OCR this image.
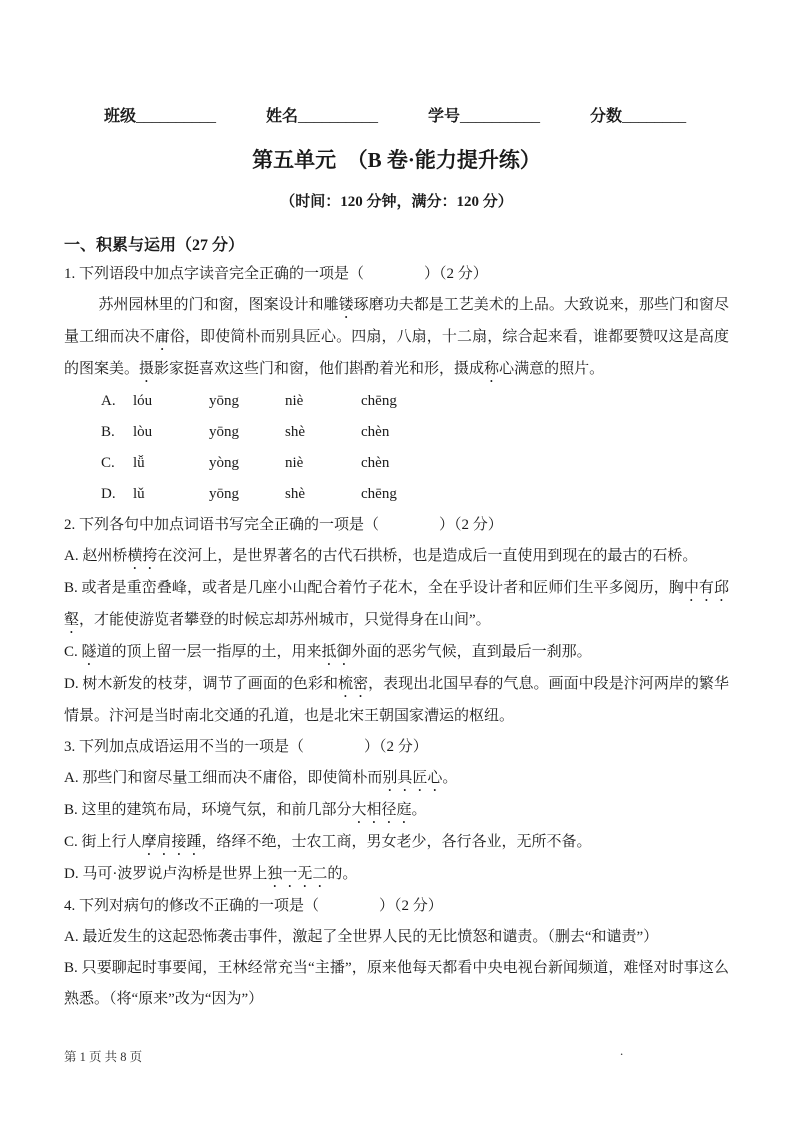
班级__________	姓名__________	学号__________	分数________
第五单元　（B 卷·能力提升练）
（时间：120 分钟，满分：120 分）
一、积累与运用（27 分）
1. 下列语段中加点字读音完全正确的一项是（　　　　）（2 分）

苏州园林里的门和窗，图案设计和雕镂琢磨功夫都是工艺美术的上品。大致说来，那些门和窗尽量工细而决不庸俗，即使简朴而别具匠心。四扇，八扇，十二扇，综合起来看，谁都要赞叹这是高度的图案美。摄影家挺喜欢这些门和窗，他们斟酌着光和形，摄成称心满意的照片。

A. lóu	yōng	niè	chēng
B. lòu	yōng	shè	chèn
C. lǚ	yòng	niè	chèn
D. lǔ	yōng	shè	chēng
2. 下列各句中加点词语书写完全正确的一项是（　　　　）（2 分）
A. 赵州桥横挎在洨河上，是世界著名的古代石拱桥，也是造成后一直使用到现在的最古的石桥。
B. 或者是重峦叠峰，或者是几座小山配合着竹子花木，全在乎设计者和匠师们生平多阅历，胸中有邱壑，才能使游览者攀登的时候忘却苏州城市，只觉得身在山间”。
C. 隧道的顶上留一层一指厚的土，用来抵御外面的恶劣气候，直到最后一刹那。
D. 树木新发的枝芽，调节了画面的色彩和梳密，表现出北国早春的气息。画面中段是汴河两岸的繁华情景。汴河是当时南北交通的孔道，也是北宋王朝国家漕运的枢纽。
3. 下列加点成语运用不当的一项是（　　　　）（2 分）
A. 那些门和窗尽量工细而决不庸俗，即使简朴而别具匠心。
B. 这里的建筑布局，环境气氛，和前几部分大相径庭。
C. 街上行人摩肩接踵，络绎不绝，士农工商，男女老少，各行各业，无所不备。
D. 马可·波罗说卢沟桥是世界上独一无二的。
4. 下列对病句的修改不正确的一项是（　　　　）（2 分）
A. 最近发生的这起恐怖袭击事件，激起了全世界人民的无比愤怒和谴责。（删去“和谴责”）
B. 只要聊起时事要闻，王林经常充当“主播”，原来他每天都看中央电视台新闻频道，难怪对时事这么熟悉。（将“原来”改为“因为”）
第 1 页 共 8 页	.
